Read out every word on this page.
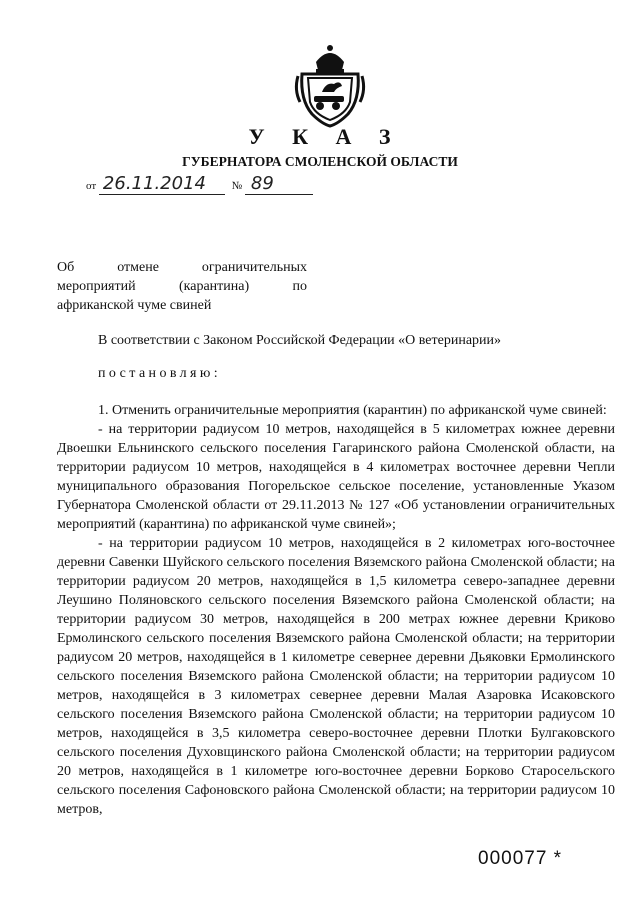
У К А З
ГУБЕРНАТОРА СМОЛЕНСКОЙ ОБЛАСТИ
от 26.11.2014 № 89
Об отмене ограничительных
мероприятий (карантина) по
африканской чуме свиней
В соответствии с Законом Российской Федерации «О ветеринарии»
постановляю:

1. Отменить ограничительные мероприятия (карантин) по африканской чуме свиней:

- на территории радиусом 10 метров, находящейся в 5 километрах южнее деревни Двоешки Ельнинского сельского поселения Гагаринского района Смоленской области, на территории радиусом 10 метров, находящейся в 4 километрах восточнее деревни Чепли муниципального образования Погорельское сельское поселение, установленные Указом Губернатора Смоленской области от 29.11.2013 № 127 «Об установлении ограничительных мероприятий (карантина) по африканской чуме свиней»;

- на территории радиусом 10 метров, находящейся в 2 километрах юго-восточнее деревни Савенки Шуйского сельского поселения Вяземского района Смоленской области; на территории радиусом 20 метров, находящейся в 1,5 километра северо-западнее деревни Леушино Поляновского сельского поселения Вяземского района Смоленской области; на территории радиусом 30 метров, находящейся в 200 метрах южнее деревни Криково Ермолинского сельского поселения Вяземского района Смоленской области; на территории радиусом 20 метров, находящейся в 1 километре севернее деревни Дьяковки Ермолинского сельского поселения Вяземского района Смоленской области; на территории радиусом 10 метров, находящейся в 3 километрах севернее деревни Малая Азаровка Исаковского сельского поселения Вяземского района Смоленской области; на территории радиусом 10 метров, находящейся в 3,5 километра северо-восточнее деревни Плотки Булгаковского сельского поселения Духовщинского района Смоленской области; на территории радиусом 20 метров, находящейся в 1 километре юго-восточнее деревни Борково Старосельского сельского поселения Сафоновского района Смоленской области; на территории радиусом 10 метров,

000077 *
